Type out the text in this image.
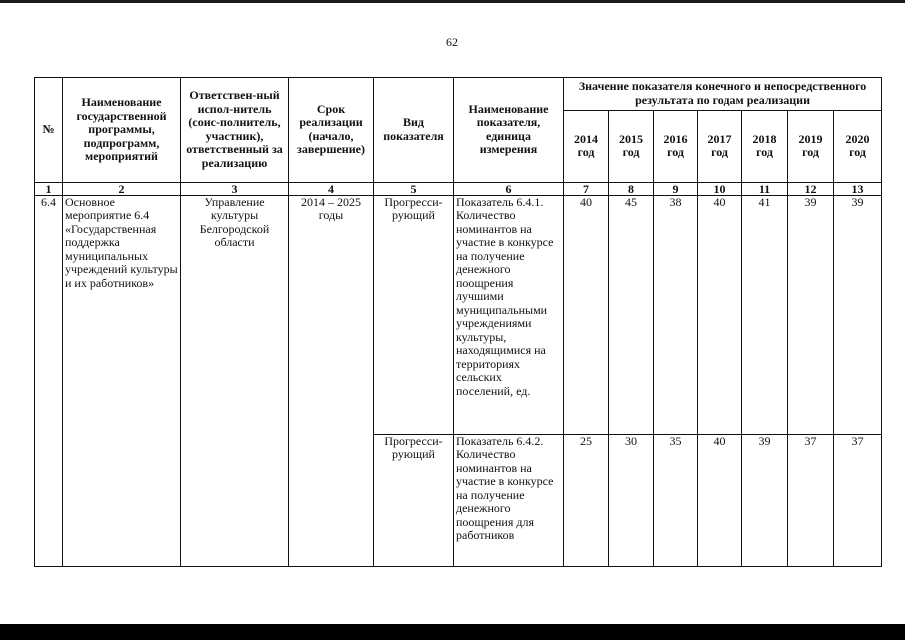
62
№	Наименование государственной программы, подпрограмм, мероприятий	Ответствен-ный испол-нитель (соис-полнитель, участник), ответственный за реализацию	Срок реализации (начало, завершение)	Вид показателя	Наименование показателя, единица измерения	Значение показателя конечного и непосредственного результата по годам реализации						
						2014 год	2015 год	2016 год	2017 год	2018 год	2019 год	2020 год
1	2	3	4	5	6	7	8	9	10	11	12	13
6.4	Основное мероприятие 6.4 «Государственная поддержка муниципальных учреждений культуры и их работников»	Управление культуры Белгородской области	2014 – 2025 годы	Прогресси-рующий	Показатель 6.4.1. Количество номинантов на участие в конкурсе на получение денежного поощрения лучшими муниципальными учреждениями культуры, находящимися на территориях сельских поселений, ед.	40	45	38	40	41	39	39
				Прогресси-рующий	Показатель 6.4.2. Количество номинантов на участие в конкурсе на получение денежного поощрения для работников	25	30	35	40	39	37	37
